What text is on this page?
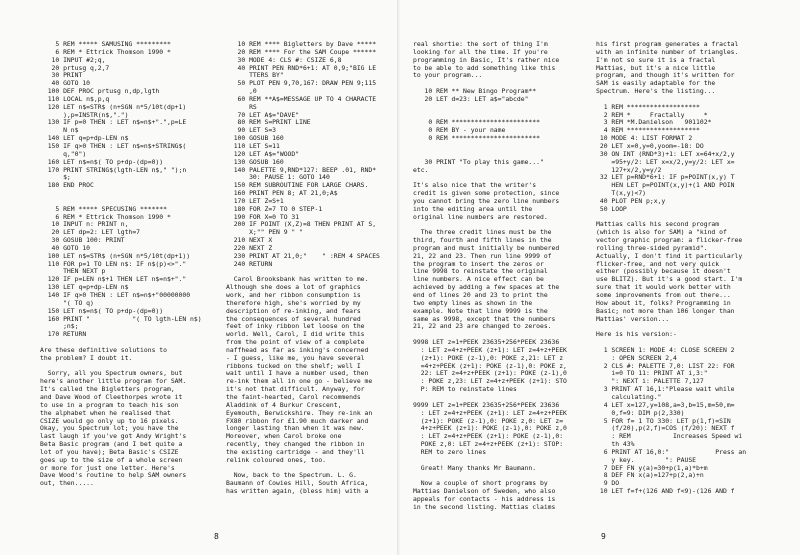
5 REM ***** SAMUSING *********
6 REM * Ettrick Thomson 1990 *
10 INPUT #2;q,
20 prtusg q,2,7
30 PRINT
40 GOTO 10
100 DEF PROC prtusg n,dp,lgth
110 LOCAL n$,p,q
120 LET n$=STR$ (n+SGN n*5/10t(dp+1)
),p=INSTR(n$,".")
130 IF p=0 THEN : LET n$=n$+".",p=LE
N n$
140 LET q=p+dp-LEN n$
150 IF q>0 THEN : LET n$=n$+STRING$(
q,"0")
160 LET n$=n$( TO p+dp-(dp=0))
170 PRINT STRING$(lgth-LEN n$," ");n
$;
180 END PROC

5 REM ***** SPECUSING *******
6 REM * Ettrick Thomson 1990 *
10 INPUT n: PRINT n,
20 LET dp=2: LET lgth=7
30 GOSUB 100: PRINT
40 GOTO 10
100 LET n$=STR$ (n+SGN n*5/10t(dp+1))
110 FOR p=1 TO LEN n$: IF n$(p)<>"."
THEN NEXT p
120 IF p=LEN n$+1 THEN LET n$=n$+"."
130 LET q=p+dp-LEN n$
140 IF q>0 THEN : LET n$=n$+"00000000
"( TO q)
150 LET n$=n$( TO p+dp-(dp=0))
160 PRINT "           "( TO lgth-LEN n$)
;n$;
170 RETURN

Are these definitive solutions to
the problem? I doubt it.

Sorry, all you Spectrum owners, but
here's another little program for SAM.
It's called the Bigletters program,
and Dave Wood of Cleethorpes wrote it
to use in a program to teach his son
the alphabet when he realised that
CSIZE would go only up to 16 pixels.
Okay, you Spectrum lot; you have the
last laugh if you've got Andy Wright's
Beta Basic program (and I bet quite a
lot of you have); Beta Basic's CSIZE
goes up to the size of a whole screen
or more for just one letter. Here's
Dave Wood's routine to help SAM owners
out, then.....
10 REM **** Bigletters by Dave *****
20 REM **** For the SAM Coupe ******
30 MODE 4: CLS #: CSIZE 6,8
40 PRINT PEN RND*6+1: AT 0,9;"BIG LE
TTERS BY"
50 PLOT PEN 9,70,167: DRAW PEN 9;115
,0
60 REM **A$=MESSAGE UP TO 4 CHARACTE
RS
70 LET A$="DAVE"
80 REM S=PRINT LINE
90 LET S=3
100 GOSUB 160
110 LET S=11
120 LET A$="WOOD"
130 GOSUB 160
140 PALETTE 9,RND*127: BEEP .01, RND*
30: PAUSE 1: GOTO 140
150 REM SUBROUTINE FOR LARGE CHARS.
160 PRINT PEN 8; AT 21,0;A$
170 LET Z=S+1
180 FOR Z=7 TO 0 STEP-1
190 FOR X=0 TO 31
200 IF POINT (X,Z)=8 THEN PRINT AT S,
X;"" PEN 9 " "
210 NEXT X
220 NEXT Z
230 PRINT AT 21,0;"    " :REM 4 SPACES
240 RETURN

Carol Brooksbank has written to me.
Although she does a lot of graphics
work, and her ribbon consumption is
therefore high, she's worried by my
description of re-inking, and fears
the consequences of several hundred
feet of inky ribbon let loose on the
world. Well, Carol, I did write this
from the point of view of a complete
naffhead as far as inking's concerned
- I guess, like me, you have several
ribbons tucked on the shelf; well I
wait until I have a number used, then
re-ink them all in one go - believe me
it's not that difficult. Anyway, for
the faint-hearted, Carol recommends
Aladdink of 4 Burkur Crescent,
Eyemouth, Berwickshire. They re-ink an
FX80 ribbon for £1.90 much darker and
longer lasting than when it was new.
Moreover, when Carol broke one
recently, they changed the ribbon in
the existing cartridge - and they'll
relink coloured ones, too.

Now, back to the Spectrum. L. G.
Baumann of Cowies Hill, South Africa,
has written again, (bless him) with a
8
real shortie: the sort of thing I'm
looking for all the time. If you're
programming in Basic, It's rather nice
to be able to add something like this
to your program...

10 REM ** New Bingo Program**
20 LET d=23: LET a$="abcde"

0 REM ***********************
0 REM BY - your name
0 REM ***********************

30 PRINT "To play this game..."
etc.

It's also nice that the writer's
credit is given some protection, since
you cannot bring the zero line numbers
into the editing area until the
original line numbers are restored.

The three credit lines must be the
third, fourth and fifth lines in the
program and must initially be numbered
21, 22 and 23. Then run line 9999 of
the program to insert the zeros or
line 9998 to reinstate the original
line numbers. A nice effect can be
achieved by adding a few spaces at the
end of lines 20 and 23 to print the
two empty lines as shown in the
example. Note that line 9999 is the
same as 9998, except that the numbers
21, 22 and 23 are changed to zeroes.

9998 LET z=1+PEEK 23635+256*PEEK 23636
: LET z=4+z+PEEK (z+1): LET z=4+z+PEEK
(z+1): POKE (z-1),0: POKE z,21: LET z
=4+z+PEEK (z+1): POKE (z-1),0: POKE z,
22: LET z=4+z+PEEK (z+1): POKE (z-1),0
: POKE z,23: LET z=4+z+PEEK (z+1): STO
P: REM to reinstate lines

9999 LET z=1+PEEK 23635+256*PEEK 23636
: LET z=4+z+PEEK (z+1): LET z=4+z+PEEK
(z+1): POKE (z-1),0: POKE z,0: LET z=
4+z+PEEK (z+1): POKE (z-1),0: POKE z,0
: LET z=4+z+PEEK (z+1): POKE (z-1),0:
POKE z,0: LET z=4+z+PEEK (z+1): STOP:
REM to zero lines

Great! Many thanks Mr Baumann.

Now a couple of short programs by
Mattias Danielson of Sweden, who also
appeals for contacts - his address is
in the second listing. Mattias claims
his first program generates a fractal
with an infinite number of triangles.
I'm not so sure it is a fractal
Mattias, but it's a nice little
program, and though it's written for
SAM is easily adaptable for the
Spectrum. Here's the listing...

1 REM *******************
2 REM *     Fractally     *
3 REM *M.Danielson   901102*
4 REM *******************
10 MODE 4: LIST FORMAT 2
20 LET x=0,y=0,yoom=-18: DO
30 ON INT (RND*3)+1: LET x=64+x/2,y
=95+y/2: LET x=x/2,y=y/2: LET x=
127+x/2,y=y/2
32 LET p=RND*6+1: IF p=POINT(x,y) T
HEN LET p=POINT(x,y)+(1 AND POIN
T(x,y)<7)
40 PLOT PEN p;x,y
50 LOOP

Mattias calls his second program
(which is also for SAM) a "kind of
vector graphic program: a flicker-free
rolling three-sided pyramid".
Actually, I don't find it particularly
flicker-free, and not very quick
either (possibly because it doesn't
use BLITZ). But it's a good start. I'm
sure that it would work better with
some improvements from out there...
How about it, folks? Programming in
Basic; not more than 106 longer than
Mattias' version...

Here is his version:-

1 SCREEN 1: MODE 4: CLOSE SCREEN 2
: OPEN SCREEN 2,4
2 CLS #: PALETTE 7,0: LIST 22: FOR
i=0 TO 11: PRINT AT i,3:"
": NEXT i: PALETTE 7,127
3 PRINT AT 16,1:"Please wait while
calculating."
4 LET x=127,y=108,a=3,b=15,m=50,m=
0,f=9: DIM p(2,330)
5 FOR f= 1 TO 330: LET p(1,f)=SIN
(f/20),p(2,f)=COS (f/20): NEXT f
: REM           Increases Speed wi
th 43%
6 PRINT AT 16,0:"            Press an
y key.        ": PAUSE
7 DEF FN y(a)=30+p(1,a)*b+m
8 DEF FN x(a)=127+p(2,a)+n
9 DO
10 LET f=f+(126 AND f<9)-(126 AND f
9
